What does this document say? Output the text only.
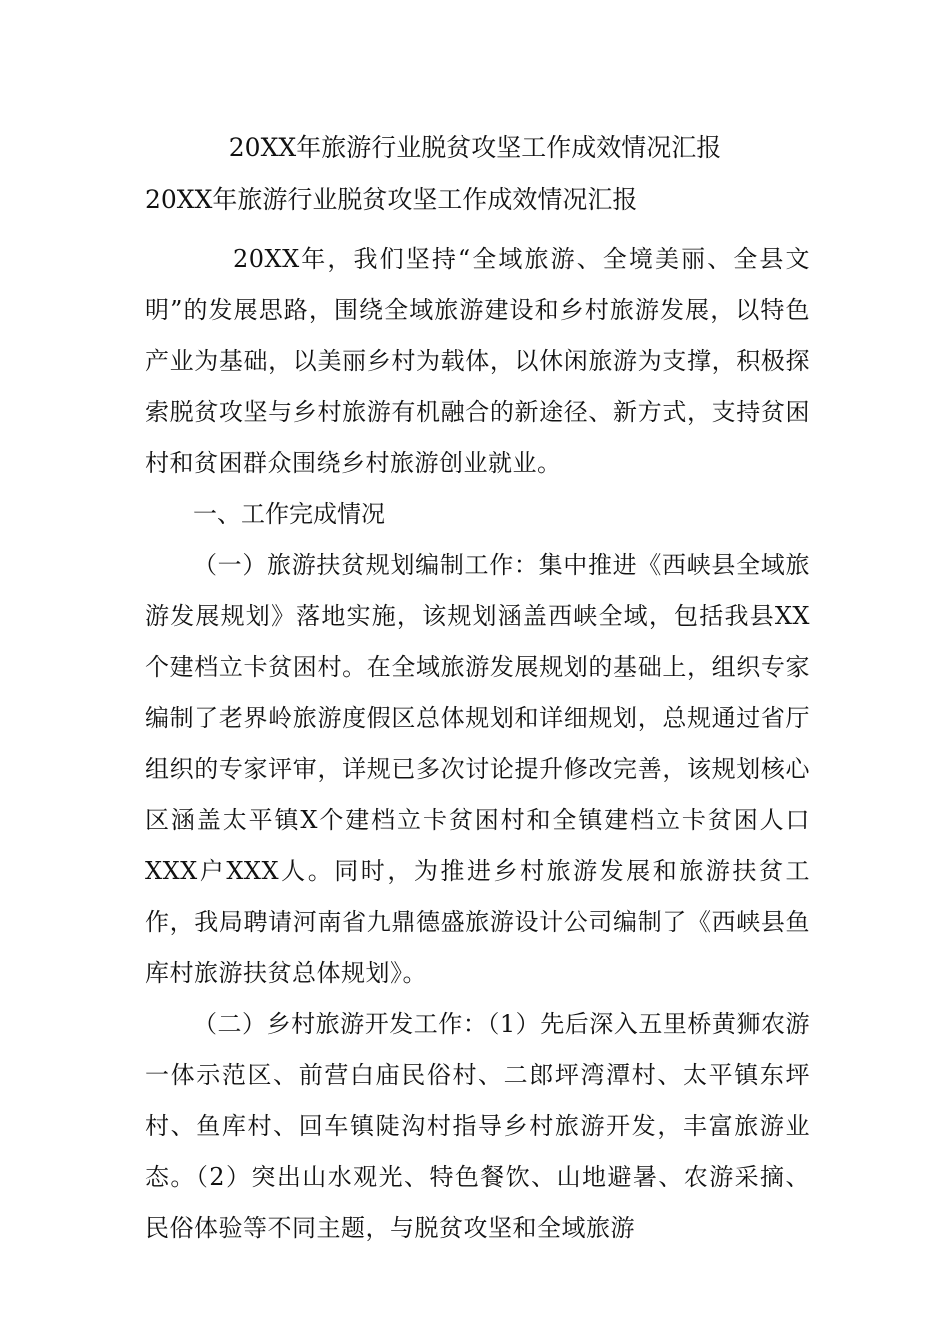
20XX年旅游行业脱贫攻坚工作成效情况汇报
20XX年旅游行业脱贫攻坚工作成效情况汇报

20XX年，我们坚持“全域旅游、全境美丽、全县文明”的发展思路，围绕全域旅游建设和乡村旅游发展，以特色产业为基础，以美丽乡村为载体，以休闲旅游为支撑，积极探索脱贫攻坚与乡村旅游有机融合的新途径、新方式，支持贫困村和贫困群众围绕乡村旅游创业就业。

一、工作完成情况

（一）旅游扶贫规划编制工作：集中推进《西峡县全域旅游发展规划》落地实施，该规划涵盖西峡全域，包括我县XX个建档立卡贫困村。在全域旅游发展规划的基础上，组织专家编制了老界岭旅游度假区总体规划和详细规划，总规通过省厅组织的专家评审，详规已多次讨论提升修改完善，该规划核心区涵盖太平镇X个建档立卡贫困村和全镇建档立卡贫困人口XXX户XXX人。同时，为推进乡村旅游发展和旅游扶贫工作，我局聘请河南省九鼎德盛旅游设计公司编制了《西峡县鱼库村旅游扶贫总体规划》。

（二）乡村旅游开发工作：（1）先后深入五里桥黄狮农游一体示范区、前营白庙民俗村、二郎坪湾潭村、太平镇东坪村、鱼库村、回车镇陡沟村指导乡村旅游开发，丰富旅游业态。（2）突出山水观光、特色餐饮、山地避暑、农游采摘、民俗体验等不同主题，与脱贫攻坚和全域旅游
